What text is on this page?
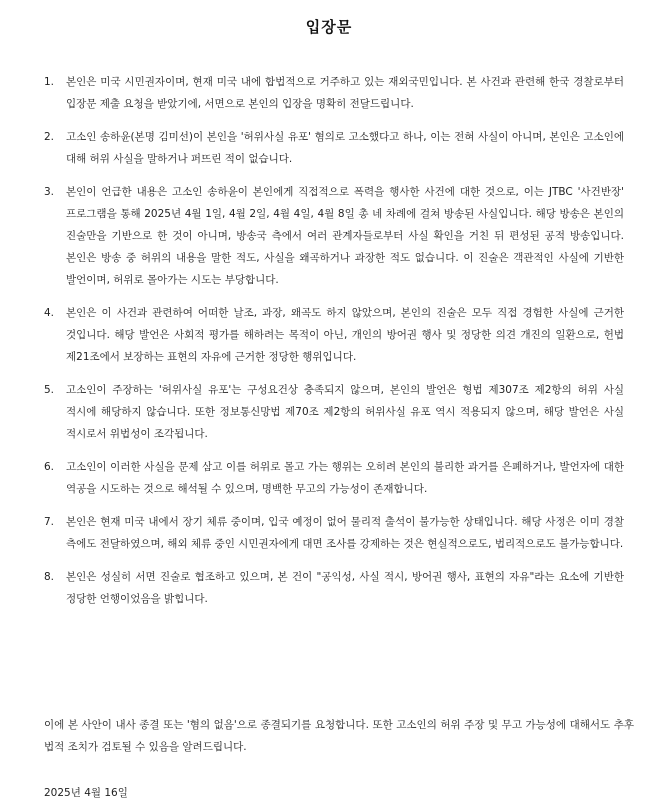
입장문
1. 본인은 미국 시민권자이며, 현재 미국 내에 합법적으로 거주하고 있는 재외국민입니다. 본 사건과 관련해 한국 경찰로부터 입장문 제출 요청을 받았기에, 서면으로 본인의 입장을 명확히 전달드립니다.
2. 고소인 송하윤(본명 김미선)이 본인을 '허위사실 유포' 혐의로 고소했다고 하나, 이는 전혀 사실이 아니며, 본인은 고소인에 대해 허위 사실을 말하거나 퍼뜨린 적이 없습니다.
3. 본인이 언급한 내용은 고소인 송하윤이 본인에게 직접적으로 폭력을 행사한 사건에 대한 것으로, 이는 JTBC '사건반장' 프로그램을 통해 2025년 4월 1일, 4월 2일, 4월 4일, 4월 8일 총 네 차례에 걸쳐 방송된 사실입니다. 해당 방송은 본인의 진술만을 기반으로 한 것이 아니며, 방송국 측에서 여러 관계자들로부터 사실 확인을 거친 뒤 편성된 공적 방송입니다. 본인은 방송 중 허위의 내용을 말한 적도, 사실을 왜곡하거나 과장한 적도 없습니다. 이 진술은 객관적인 사실에 기반한 발언이며, 허위로 몰아가는 시도는 부당합니다.
4. 본인은 이 사건과 관련하여 어떠한 날조, 과장, 왜곡도 하지 않았으며, 본인의 진술은 모두 직접 경험한 사실에 근거한 것입니다. 해당 발언은 사회적 평가를 해하려는 목적이 아닌, 개인의 방어권 행사 및 정당한 의견 개진의 일환으로, 헌법 제21조에서 보장하는 표현의 자유에 근거한 정당한 행위입니다.
5. 고소인이 주장하는 '허위사실 유포'는 구성요건상 충족되지 않으며, 본인의 발언은 형법 제307조 제2항의 허위 사실 적시에 해당하지 않습니다. 또한 정보통신망법 제70조 제2항의 허위사실 유포 역시 적용되지 않으며, 해당 발언은 사실 적시로서 위법성이 조각됩니다.
6. 고소인이 이러한 사실을 문제 삼고 이를 허위로 몰고 가는 행위는 오히려 본인의 불리한 과거를 은폐하거나, 발언자에 대한 역공을 시도하는 것으로 해석될 수 있으며, 명백한 무고의 가능성이 존재합니다.
7. 본인은 현재 미국 내에서 장기 체류 중이며, 입국 예정이 없어 물리적 출석이 불가능한 상태입니다. 해당 사정은 이미 경찰 측에도 전달하였으며, 해외 체류 중인 시민권자에게 대면 조사를 강제하는 것은 현실적으로도, 법리적으로도 불가능합니다.
8. 본인은 성실히 서면 진술로 협조하고 있으며, 본 건이 "공익성, 사실 적시, 방어권 행사, 표현의 자유"라는 요소에 기반한 정당한 언행이었음을 밝힙니다.

이에 본 사안이 내사 종결 또는 '혐의 없음'으로 종결되기를 요청합니다. 또한 고소인의 허위 주장 및 무고 가능성에 대해서도 추후 법적 조치가 검토될 수 있음을 알려드립니다.

2025년 4월 16일
